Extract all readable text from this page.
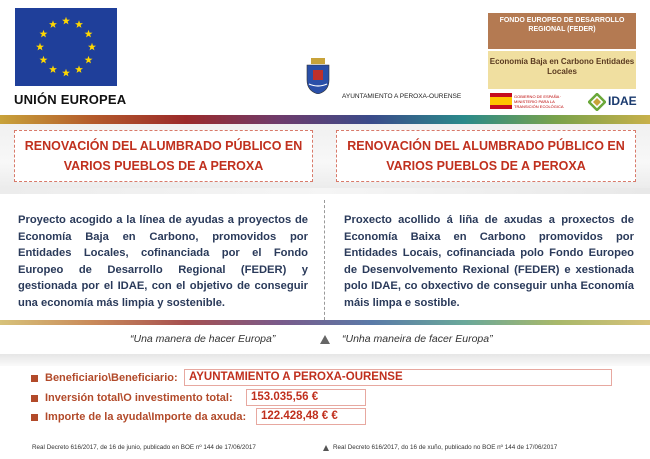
UNIÓN EUROPEA	AYUNTAMIENTO A PEROXA-OURENSE
FONDO EUROPEO DE DESARROLLO REGIONAL (FEDER)
Economía Baja en Carbono Entidades Locales
GOBIERNO DE ESPAÑA · MINISTERIO PARA LA TRANSICIÓN ECOLÓGICA	IDAE
RENOVACIÓN DEL ALUMBRADO PÚBLICO EN VARIOS PUEBLOS DE A PEROXA
RENOVACIÓN DEL ALUMBRADO PÚBLICO EN VARIOS PUEBLOS DE A PEROXA
Proyecto acogido a la línea de ayudas a proyectos de Economía Baja en Carbono, promovidos por Entidades Locales, cofinanciada por el Fondo Europeo de Desarrollo Regional (FEDER) y gestionada por el IDAE, con el objetivo de conseguir una economía más limpia y sostenible.
Proxecto acollido á liña de axudas a proxectos de Economía Baixa en Carbono promovidos por Entidades Locais, cofinanciada polo Fondo Europeo de Desenvolvemento Rexional (FEDER) e xestionada polo IDAE, co obxectivo de conseguir unha Economía máis limpa e sostible.
“Una manera de hacer Europa”	“Unha maneira de facer Europa”
Beneficiario\Beneficiario: AYUNTAMIENTO A PEROXA-OURENSE
Inversión total\O investimento total:	153.035,56 €
Importe de la ayuda\Importe da axuda:	122.428,48 € €
Real Decreto 616/2017, de 16 de junio, publicado en BOE nº 144 de 17/06/2017	Real Decreto 616/2017, do 16 de xuño, publicado no BOE nº 144 de 17/06/2017
